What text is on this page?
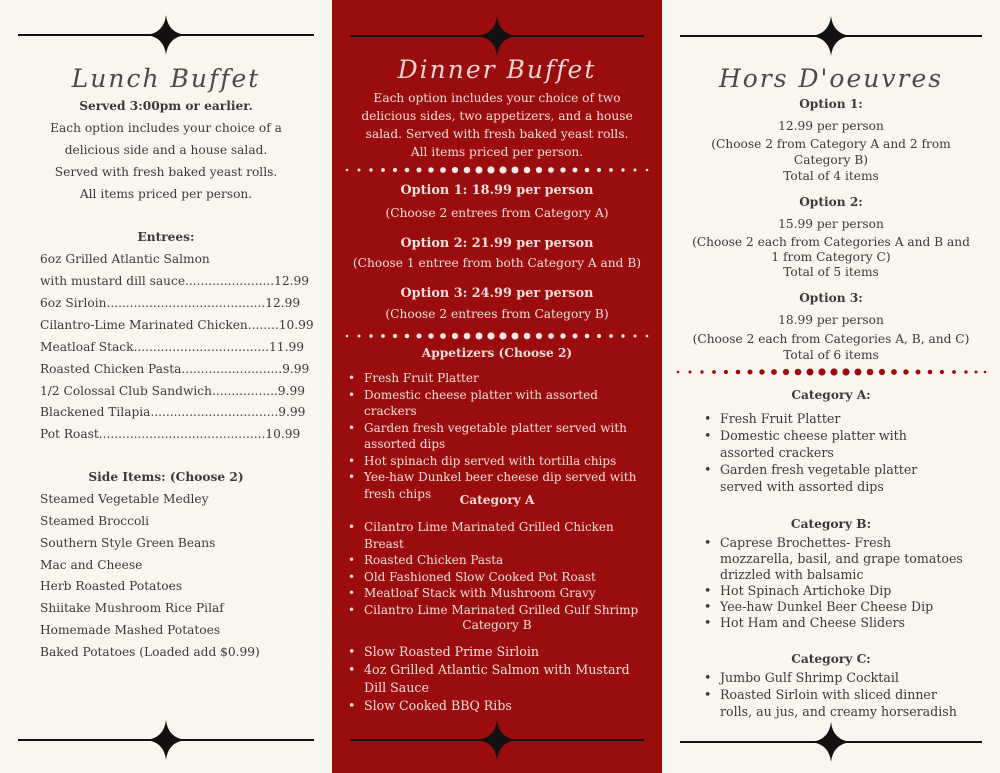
Lunch Buffet
Served 3:00pm or earlier.
Each option includes your choice of a
delicious side and a house salad.
Served with fresh baked yeast rolls.
All items priced per person.
Entrees:
6oz Grilled Atlantic Salmon
with mustard dill sauce.......................12.99
6oz Sirloin.........................................12.99
Cilantro-Lime Marinated Chicken........10.99
Meatloaf Stack...................................11.99
Roasted Chicken Pasta..........................9.99
1/2 Colossal Club Sandwich.................9.99
Blackened Tilapia.................................9.99
Pot Roast...........................................10.99
Side Items: (Choose 2)
Steamed Vegetable Medley
Steamed Broccoli
Southern Style Green Beans
Mac and Cheese
Herb Roasted Potatoes
Shiitake Mushroom Rice Pilaf
Homemade Mashed Potatoes
Baked Potatoes (Loaded add $0.99)
Dinner Buffet
Each option includes your choice of two
delicious sides, two appetizers, and a house
salad. Served with fresh baked yeast rolls.
All items priced per person.
Option 1: 18.99 per person
(Choose 2 entrees from Category A)
Option 2: 21.99 per person
(Choose 1 entree from both Category A and B)
Option 3: 24.99 per person
(Choose 2 entrees from Category B)
Appetizers (Choose 2)
• Fresh Fruit Platter
• Domestic cheese platter with assorted crackers
• Garden fresh vegetable platter served with assorted dips
• Hot spinach dip served with tortilla chips
• Yee-haw Dunkel beer cheese dip served with fresh chips	Category A
• Cilantro Lime Marinated Grilled Chicken Breast
• Roasted Chicken Pasta
• Old Fashioned Slow Cooked Pot Roast
• Meatloaf Stack with Mushroom Gravy
• Cilantro Lime Marinated Grilled Gulf Shrimp
Category B
• Slow Roasted Prime Sirloin
• 4oz Grilled Atlantic Salmon with Mustard Dill Sauce
• Slow Cooked BBQ Ribs
Hors D'oeuvres
Option 1:
12.99 per person
(Choose 2 from Category A and 2 from
Category B)
Total of 4 items
Option 2:
15.99 per person
(Choose 2 each from Categories A and B and
1 from Category C)
Total of 5 items
Option 3:
18.99 per person
(Choose 2 each from Categories A, B, and C)
Total of 6 items
Category A:
• Fresh Fruit Platter
• Domestic cheese platter with assorted crackers
• Garden fresh vegetable platter served with assorted dips
Category B:
• Caprese Brochettes- Fresh mozzarella, basil, and grape tomatoes drizzled with balsamic
• Hot Spinach Artichoke Dip
• Yee-haw Dunkel Beer Cheese Dip
• Hot Ham and Cheese Sliders
Category C:
• Jumbo Gulf Shrimp Cocktail
• Roasted Sirloin with sliced dinner rolls, au jus, and creamy horseradish
